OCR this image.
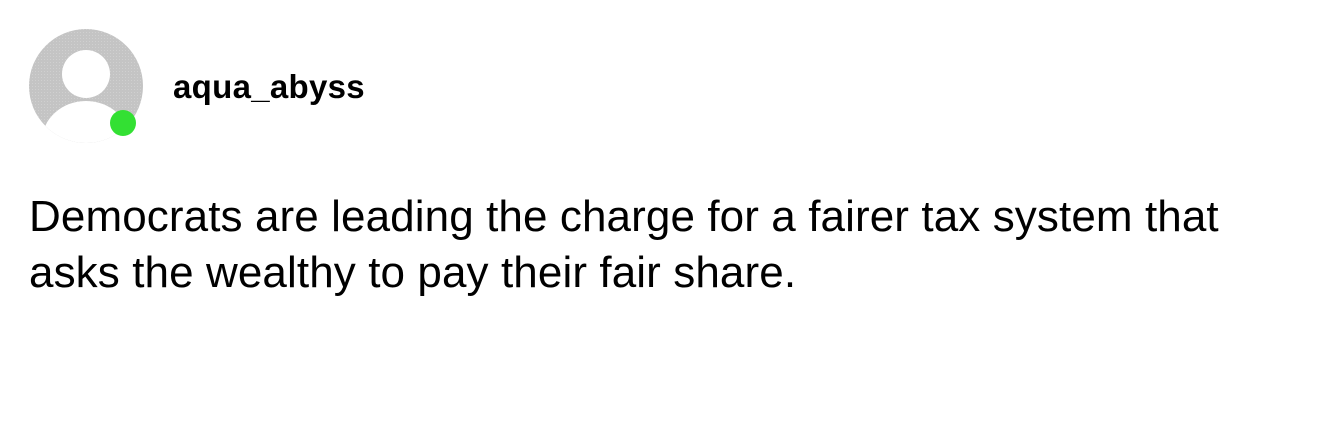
aqua_abyss
Democrats are leading the charge for a fairer tax system that asks the wealthy to pay their fair share.
